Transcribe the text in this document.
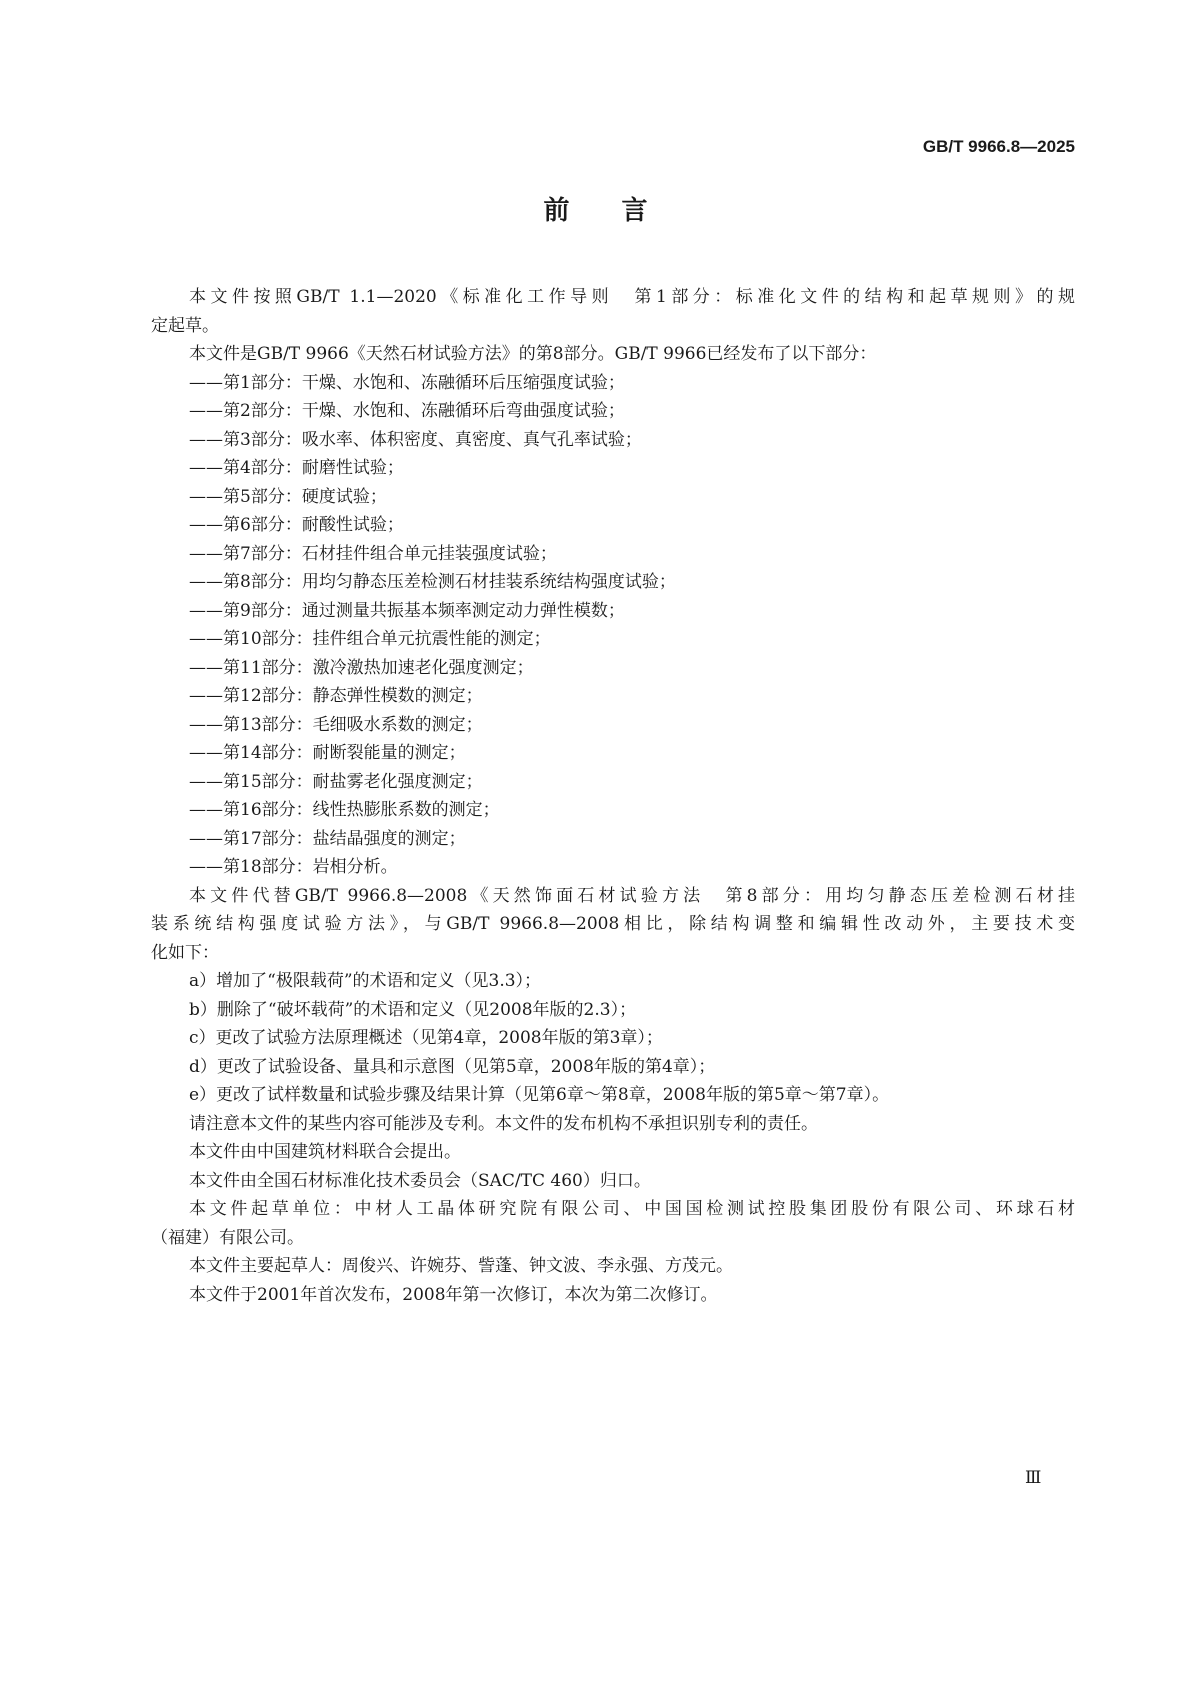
GB/T 9966.8—2025
前言
本文件按照GB/T 1.1—2020《标准化工作导则　第1部分：标准化文件的结构和起草规则》的规
定起草。
本文件是GB/T 9966《天然石材试验方法》的第8部分。GB/T 9966已经发布了以下部分：
——第1部分：干燥、水饱和、冻融循环后压缩强度试验；
——第2部分：干燥、水饱和、冻融循环后弯曲强度试验；
——第3部分：吸水率、体积密度、真密度、真气孔率试验；
——第4部分：耐磨性试验；
——第5部分：硬度试验；
——第6部分：耐酸性试验；
——第7部分：石材挂件组合单元挂装强度试验；
——第8部分：用均匀静态压差检测石材挂装系统结构强度试验；
——第9部分：通过测量共振基本频率测定动力弹性模数；
——第10部分：挂件组合单元抗震性能的测定；
——第11部分：激冷激热加速老化强度测定；
——第12部分：静态弹性模数的测定；
——第13部分：毛细吸水系数的测定；
——第14部分：耐断裂能量的测定；
——第15部分：耐盐雾老化强度测定；
——第16部分：线性热膨胀系数的测定；
——第17部分：盐结晶强度的测定；
——第18部分：岩相分析。
本文件代替GB/T 9966.8—2008《天然饰面石材试验方法　第8部分：用均匀静态压差检测石材挂
装系统结构强度试验方法》，与GB/T 9966.8—2008相比，除结构调整和编辑性改动外，主要技术变
化如下：
a）增加了“极限载荷”的术语和定义（见3.3）；
b）删除了“破坏载荷”的术语和定义（见2008年版的2.3）；
c）更改了试验方法原理概述（见第4章，2008年版的第3章）；
d）更改了试验设备、量具和示意图（见第5章，2008年版的第4章）；
e）更改了试样数量和试验步骤及结果计算（见第6章～第8章，2008年版的第5章～第7章）。
请注意本文件的某些内容可能涉及专利。本文件的发布机构不承担识别专利的责任。
本文件由中国建筑材料联合会提出。
本文件由全国石材标准化技术委员会（SAC/TC 460）归口。
本文件起草单位：中材人工晶体研究院有限公司、中国国检测试控股集团股份有限公司、环球石材
（福建）有限公司。
本文件主要起草人：周俊兴、许婉芬、訾蓬、钟文波、李永强、方茂元。
本文件于2001年首次发布，2008年第一次修订，本次为第二次修订。
Ⅲ
